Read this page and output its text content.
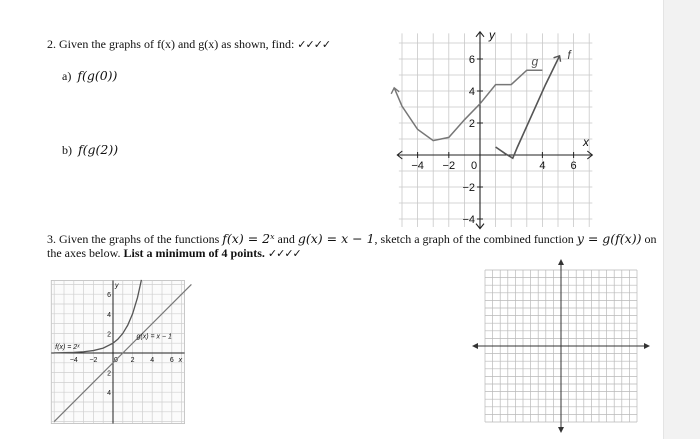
2. Given the graphs of f(x) and g(x) as shown, find: ✓✓✓✓
a) f(g(0))
b) f(g(2))
−4 −2 0	4 6
6
4
2
−2
−4
y
x
g f
3. Given the graphs of the functions f(x) = 2ˣ and g(x) = x − 1, sketch a graph of the combined function y = g(f(x)) on
the axes below. List a minimum of 4 points. ✓✓✓✓
−4 −2 0 2 4 6
6
4
2
2
4
y
x
f(x) = 2ˣ
g(x) = x − 1
